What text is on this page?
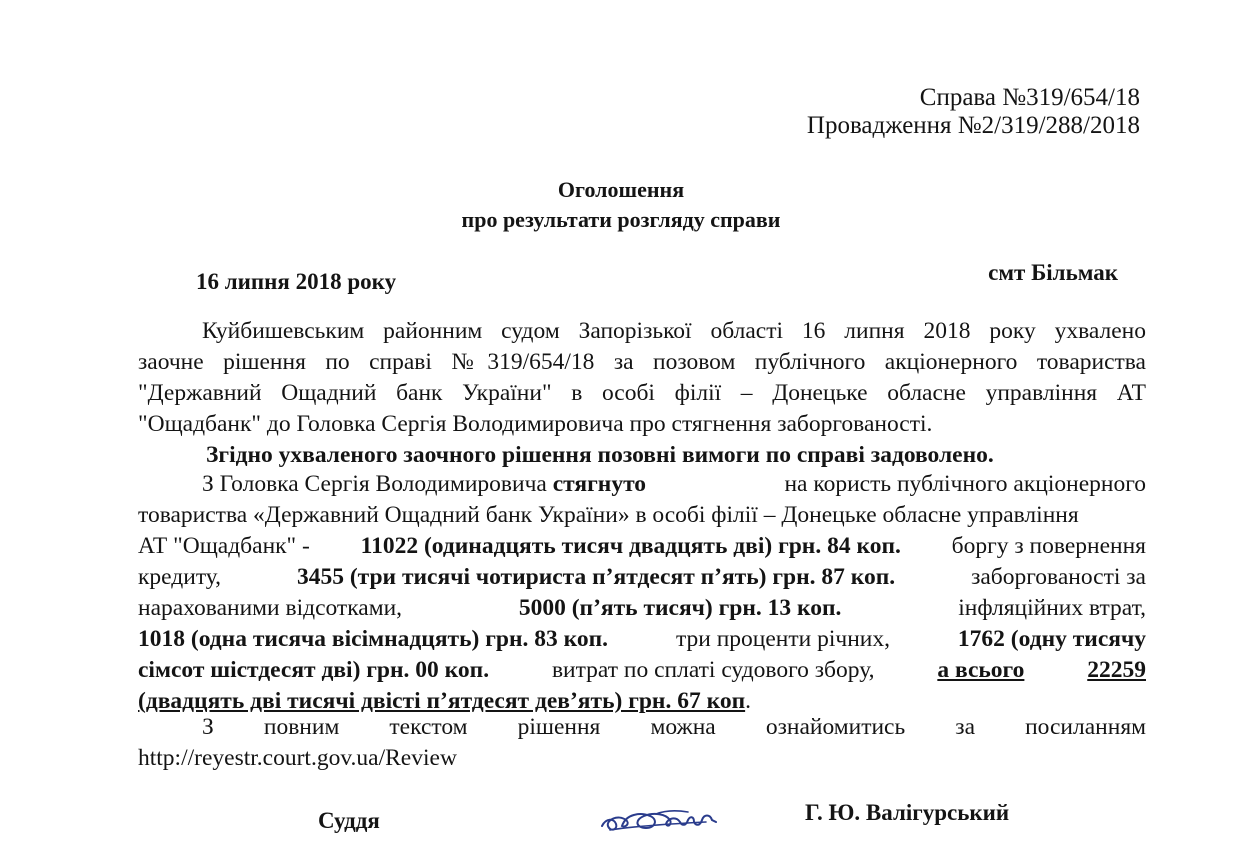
Справа №319/654/18
Провадження №2/319/288/2018
Оголошення
про результати розгляду справи
16 липня 2018 року	смт Більмак
Куйбишевським районним судом Запорізької області 16 липня 2018 року ухвалено
заочне рішення по справі №319/654/18 за позовом публічного акціонерного товариства
"Державний Ощадний банк України" в особі філії – Донецьке обласне управління АТ
"Ощадбанк" до Головка Сергія Володимировича про стягнення заборгованості.
Згідно ухваленого заочного рішення позовні вимоги по справі задоволено.
З Головка Сергія Володимировича стягнуто	на користь публічного акціонерного
товариства «Державний Ощадний банк України» в особі філії – Донецьке обласне управління
АТ "Ощадбанк" - 11022 (одинадцять тисяч двадцять дві) грн. 84 коп. боргу з повернення
кредиту,	3455 (три тисячі чотириста п’ятдесят п’ять) грн. 87 коп.	заборгованості за
нарахованими відсотками,	5000 (п’ять тисяч) грн. 13 коп.	інфляційних втрат,
1018 (одна тисяча вісімнадцять) грн. 83 коп.	три проценти річних,	1762 (одну тисячу
сімсот шістдесят дві) грн. 00 коп.	витрат по сплаті судового збору,	а всього	22259
(двадцять дві тисячі двісті п’ятдесят дев’ять) грн. 67 коп .
З повним текстом рішення можна ознайомитись за посиланням
http://reyestr.court.gov.ua/Review
Суддя	Г. Ю. Валігурський
